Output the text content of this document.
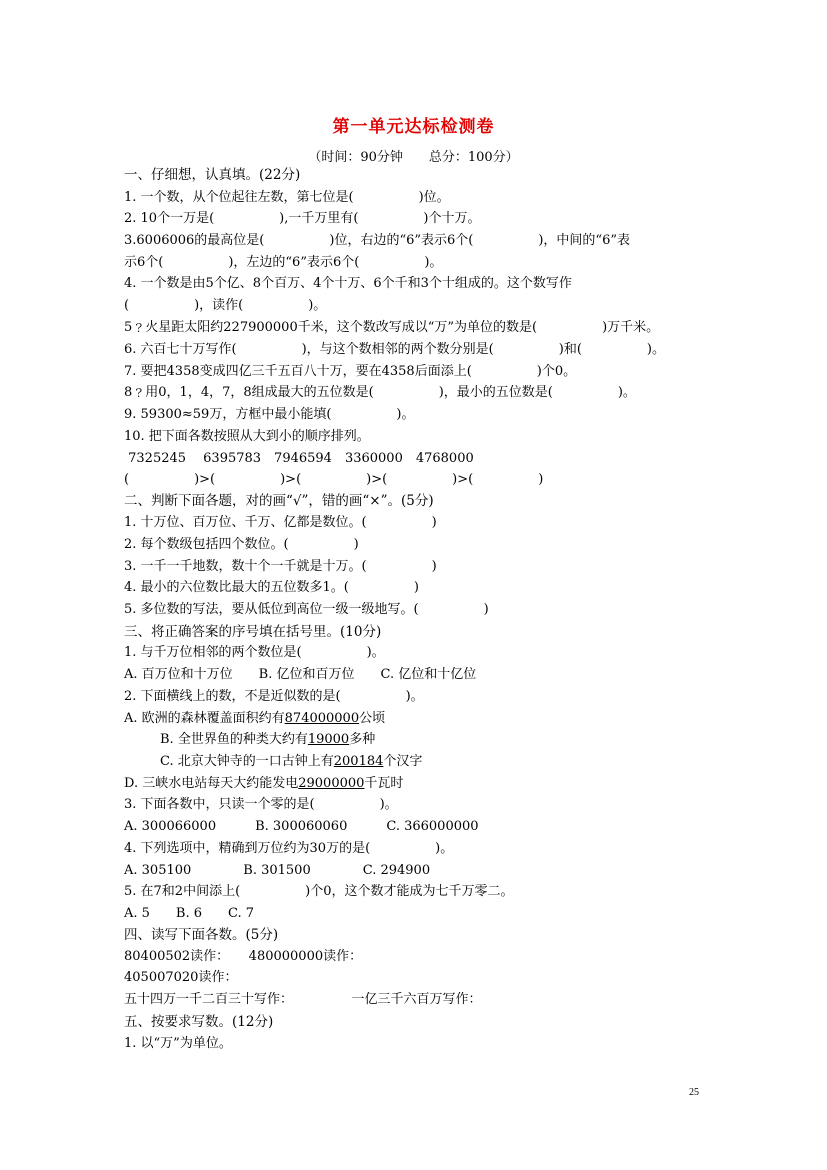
第一单元达标检测卷
（时间：90分钟　　总分：100分）
一、仔细想，认真填。(22分)
1. 一个数，从个位起往左数，第七位是(　　　　　)位。
2. 10个一万是(　　　　　),一千万里有(　　　　　)个十万。
3.6006006的最高位是(　　　　　)位，右边的“6”表示6个(　　　　　)，中间的“6”表
示6个(　　　　　)，左边的“6”表示6个(　　　　　)。
4. 一个数是由5个亿、8个百万、4个十万、6个千和3个十组成的。这个数写作
(　　　　　)，读作(　　　　　)。
5﹖火星距太阳约227900000千米，这个数改写成以“万”为单位的数是(　　　　　)万千米。
6. 六百七十万写作(　　　　　)，与这个数相邻的两个数分别是(　　　　　)和(　　　　　)。
7. 要把4358变成四亿三千五百八十万，要在4358后面添上(　　　　　)个0。
8﹖用0，1，4，7，8组成最大的五位数是(　　　　　)，最小的五位数是(　　　　　)。
9. 59300≈59万，方框中最小能填(　　　　　)。
10. 把下面各数按照从大到小的顺序排列。
7325245　 6395783　7946594　3360000　4768000
(　　　　　)>(　　　　　)>(　　　　　)>(　　　　　)>(　　　　　)
二、判断下面各题，对的画“√”，错的画“×”。(5分)
1. 十万位、百万位、千万、亿都是数位。(　　　　　)
2. 每个数级包括四个数位。(　　　　　)
3. 一千一千地数，数十个一千就是十万。(　　　　　)
4. 最小的六位数比最大的五位数多1。(　　　　　)
5. 多位数的写法，要从低位到高位一级一级地写。(　　　　　)
三、将正确答案的序号填在括号里。(10分)
1. 与千万位相邻的两个数位是(　　　　　)。
A. 百万位和十万位　　B. 亿位和百万位　　C. 亿位和十亿位
2. 下面横线上的数，不是近似数的是(　　　　　)。
A. 欧洲的森林覆盖面积约有874000000公顷
B. 全世界鱼的种类大约有19000多种
C. 北京大钟寺的一口古钟上有200184个汉字
D. 三峡水电站每天大约能发电29000000千瓦时
3. 下面各数中，只读一个零的是(　　　　　)。
A. 300066000　　　B. 300060060　　　C. 366000000
4. 下列选项中，精确到万位约为30万的是(　　　　　)。
A. 305100　　　　B. 301500　　　　C. 294900
5. 在7和2中间添上(　　　　　)个0，这个数才能成为七千万零二。
A. 5　　B. 6　　C. 7
四、读写下面各数。(5分)
80400502读作：　　480000000读作：
405007020读作：
五十四万一千二百三十写作：　　　　　一亿三千六百万写作：
五、按要求写数。(12分)
1. 以“万”为单位。
25
